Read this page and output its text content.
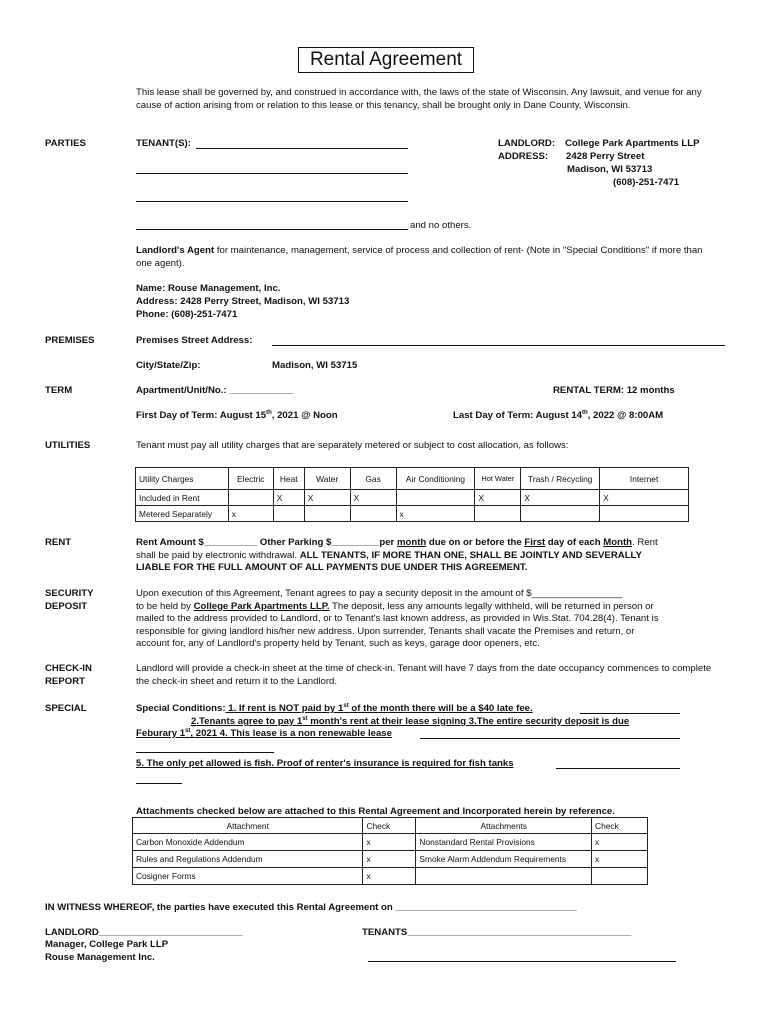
Rental Agreement
This lease shall be governed by, and construed in accordance with, the laws of the state of Wisconsin. Any lawsuit, and venue for any cause of action arising from or relation to this lease or this tenancy, shall be brought only in Dane County, Wisconsin.
PARTIES	TENANT(S):
and no others.
LANDLORD: College Park Apartments LLP
ADDRESS: 2428 Perry Street
Madison, WI 53713
(608)-251-7471
Landlord's Agent for maintenance, management, service of process and collection of rent- (Note in "Special Conditions" if more than one agent).
Name: Rouse Management, Inc.
Address: 2428 Perry Street, Madison, WI 53713
Phone: (608)-251-7471
PREMISES	Premises Street Address:
City/State/Zip:	Madison, WI 53715
TERM	Apartment/Unit/No.: ____________	RENTAL TERM: 12 months
First Day of Term: August 15th, 2021 @ Noon	Last Day of Term: August 14th, 2022 @ 8:00AM
UTILITIES	Tenant must pay all utility charges that are separately metered or subject to cost allocation, as follows:
Utility Charges	Electric	Heat	Water	Gas	Air Conditioning	Hot Water	Trash / Recycling	Internet
Included in Rent		X	X	X		X	X	X
Metered Separately	x				x			
RENT	Rent Amount $__________ Other Parking $_________per month due on or before the First day of each Month. Rent
shall be paid by electronic withdrawal. ALL TENANTS, IF MORE THAN ONE, SHALL BE JOINTLY AND SEVERALLY
LIABLE FOR THE FULL AMOUNT OF ALL PAYMENTS DUE UNDER THIS AGREEMENT.
SECURITY
DEPOSIT
Upon execution of this Agreement, Tenant agrees to pay a security deposit in the amount of $_________________
to be held by College Park Apartments LLP. The deposit, less any amounts legally withheld, will be returned in person or
mailed to the address provided to Landlord, or to Tenant's last known address, as provided in Wis.Stat. 704.28(4). Tenant is
responsible for giving landlord his/her new address. Upon surrender, Tenants shall vacate the Premises and return, or
account for, any of Landlord's property held by Tenant, such as keys, garage door openers, etc.
CHECK-IN
REPORT
Landlord will provide a check-in sheet at the time of check-in. Tenant will have 7 days from the date occupancy commences to complete the check-in sheet and return it to the Landlord.
SPECIAL	Special Conditions: 1. If rent is NOT paid by 1st of the month there will be a $40 late fee.
2.Tenants agree to pay 1st month's rent at their lease signing 3.The entire security deposit is due
Feburary 1st, 2021 4. This lease is a non renewable lease
5. The only pet allowed is fish. Proof of renter's insurance is required for fish tanks
Attachments checked below are attached to this Rental Agreement and Incorporated herein by reference.
Attachment	Check	Attachments	Check
Carbon Monoxide Addendum	x	Nonstandard Rental Provisions	x
Rules and Regulations Addendum	x	Smoke Alarm Addendum Requirements	x
Cosigner Forms	x		
IN WITNESS WHEREOF, the parties have executed this Rental Agreement on __________________________________
LANDLORD___________________________
Manager, College Park LLP
Rouse Management Inc.
TENANTS__________________________________________
